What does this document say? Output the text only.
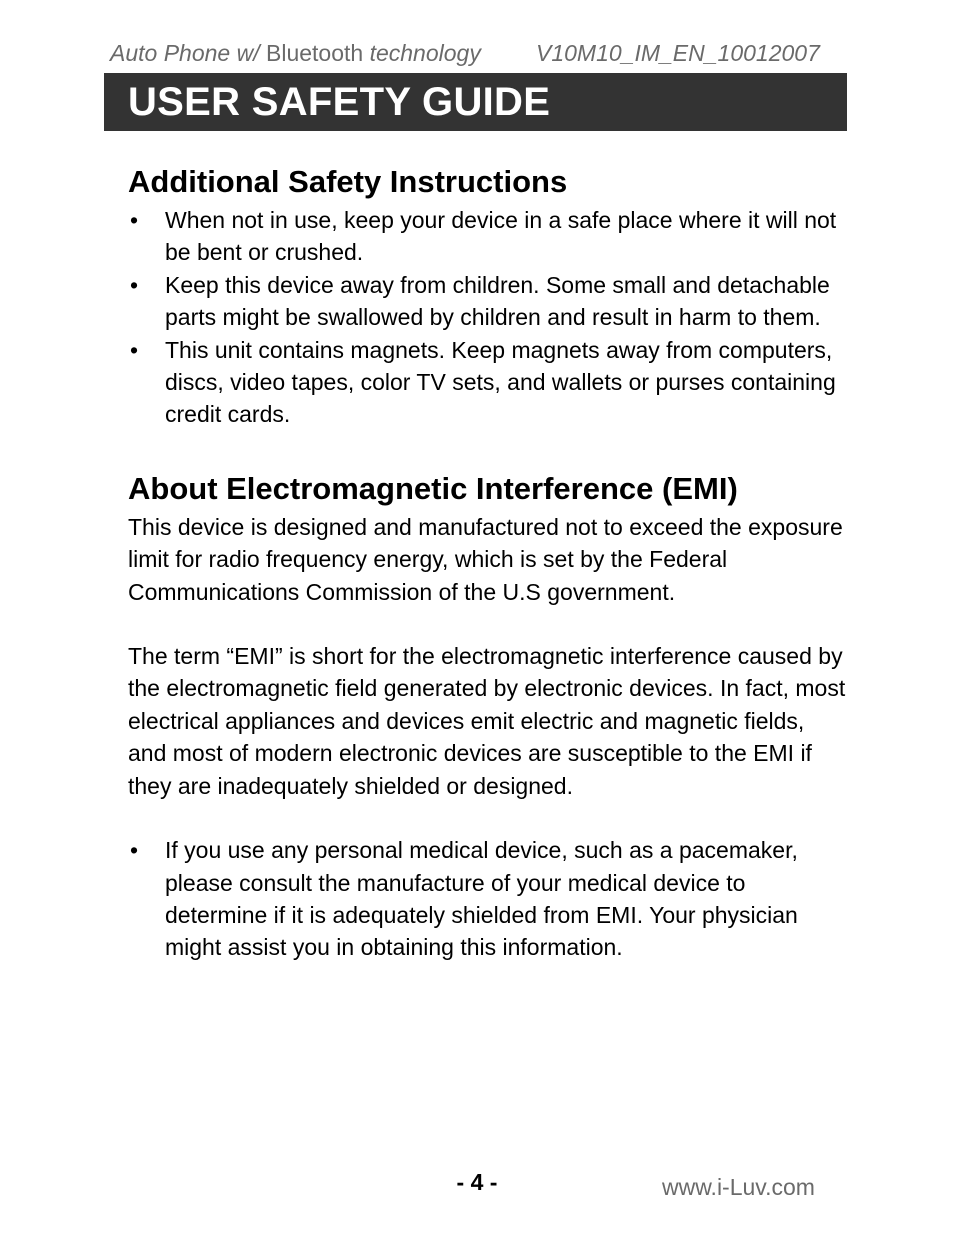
Auto Phone w/ Bluetooth technology V10M10_IM_EN_10012007
USER SAFETY GUIDE
Additional Safety Instructions
• When not in use, keep your device in a safe place where it will not be bent or crushed.
• Keep this device away from children. Some small and detachable parts might be swallowed by children and result in harm to them.
• This unit contains magnets. Keep magnets away from computers, discs, video tapes, color TV sets, and wallets or purses containing credit cards.
About Electromagnetic Interference (EMI)

This device is designed and manufactured not to exceed the exposure limit for radio frequency energy, which is set by the Federal Communications Commission of the U.S government.

The term “EMI” is short for the electromagnetic interference caused by the electromagnetic field generated by electronic devices. In fact, most electrical appliances and devices emit electric and magnetic fields, and most of modern electronic devices are susceptible to the EMI if they are inadequately shielded or designed.

• If you use any personal medical device, such as a pacemaker, please consult the manufacture of your medical device to determine if it is adequately shielded from EMI. Your physician might assist you in obtaining this information.
- 4 -	www.i-Luv.com
